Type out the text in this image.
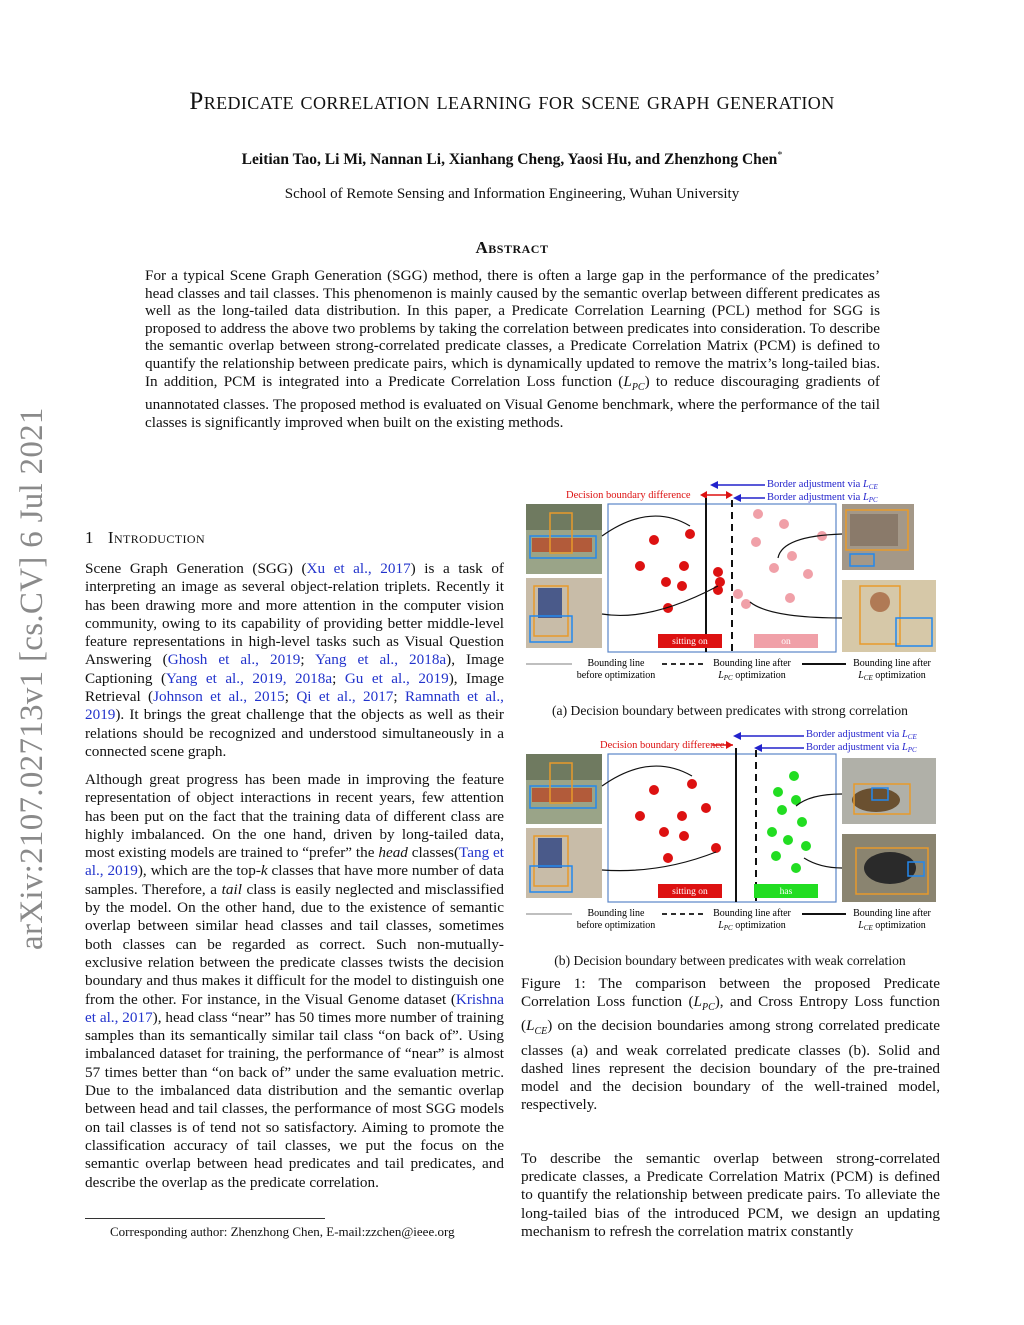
arXiv:2107.02713v1 [cs.CV] 6 Jul 2021
Predicate correlation learning for scene graph generation
Leitian Tao, Li Mi, Nannan Li, Xianhang Cheng, Yaosi Hu, and Zhenzhong Chen*
School of Remote Sensing and Information Engineering, Wuhan University
Abstract
For a typical Scene Graph Generation (SGG) method, there is often a large gap in the performance of the predicates’ head classes and tail classes. This phenomenon is mainly caused by the semantic overlap between different predicates as well as the long-tailed data distribution. In this paper, a Predicate Correlation Learning (PCL) method for SGG is proposed to address the above two problems by taking the correlation between predicates into consideration. To describe the semantic overlap between strong-correlated predicate classes, a Predicate Correlation Matrix (PCM) is defined to quantify the relationship between predicate pairs, which is dynamically updated to remove the matrix’s long-tailed bias. In addition, PCM is integrated into a Predicate Correlation Loss function $(L_{PC})$ to reduce discouraging gradients of unannotated classes. The proposed method is evaluated on Visual Genome benchmark, where the performance of the tail classes is significantly improved when built on the existing methods.
1 Introduction
Scene Graph Generation (SGG) (Xu et al., 2017) is a task of interpreting an image as several object-relation triplets. Recently it has been drawing more and more attention in the computer vision community, owing to its capability of providing better middle-level feature representations in high-level tasks such as Visual Question Answering (Ghosh et al., 2019; Yang et al., 2018a), Image Captioning (Yang et al., 2019, 2018a; Gu et al., 2019), Image Retrieval (Johnson et al., 2015; Qi et al., 2017; Ramnath et al., 2019). It brings the great challenge that the objects as well as their relations should be recognized and understood simultaneously in a connected scene graph.
Although great progress has been made in improving the feature representation of object interactions in recent years, few attention has been put on the fact that the training data of different class are highly imbalanced. On the one hand, driven by long-tailed data, most existing models are trained to “prefer” the head classes(Tang et al., 2019), which are the top-k classes that have more number of data samples. Therefore, a tail class is easily neglected and misclassified by the model. On the other hand, due to the existence of semantic overlap between similar head classes and tail classes, sometimes both classes can be regarded as correct. Such non-mutually-exclusive relation between the predicate classes twists the decision boundary and thus makes it difficult for the model to distinguish one from the other. For instance, in the Visual Genome dataset (Krishna et al., 2017), head class “near” has 50 times more number of training samples than its semantically similar tail class “on back of”. Using imbalanced dataset for training, the performance of “near” is almost 57 times better than “on back of” under the same evaluation metric. Due to the imbalanced data distribution and the semantic overlap between head and tail classes, the performance of most SGG models on tail classes is of tend not so satisfactory. Aiming to promote the classification accuracy of tail classes, we put the focus on the semantic overlap between head predicates and tail predicates, and describe the overlap as the predicate correlation.
Corresponding author: Zhenzhong Chen, E-mail:zzchen@ieee.org
Decision boundary difference
Border adjustment via LCE
Border adjustment via LPC
sitting on	on
Bounding line
before optimization
Bounding line after
$L_{PC}$ optimization
Bounding line after
$L_{CE}$ optimization
(a) Decision boundary between predicates with strong correlation
Decision boundary difference
Border adjustment via LCE
Border adjustment via LPC
sitting on	has
Bounding line
before optimization
Bounding line after
$L_{PC}$ optimization
Bounding line after
$L_{CE}$ optimization
(b) Decision boundary between predicates with weak correlation
Figure 1: The comparison between the proposed Predicate Correlation Loss function $(L_{PC})$, and Cross Entropy Loss function $(L_{CE})$ on the decision boundaries among strong correlated predicate classes (a) and weak correlated predicate classes (b). Solid and dashed lines represent the decision boundary of the pre-trained model and the decision boundary of the well-trained model, respectively.
To describe the semantic overlap between strong-correlated predicate classes, a Predicate Correlation Matrix (PCM) is defined to quantify the relationship between predicate pairs. To alleviate the long-tailed bias of the introduced PCM, we design an updating mechanism to refresh the correlation matrix constantly
